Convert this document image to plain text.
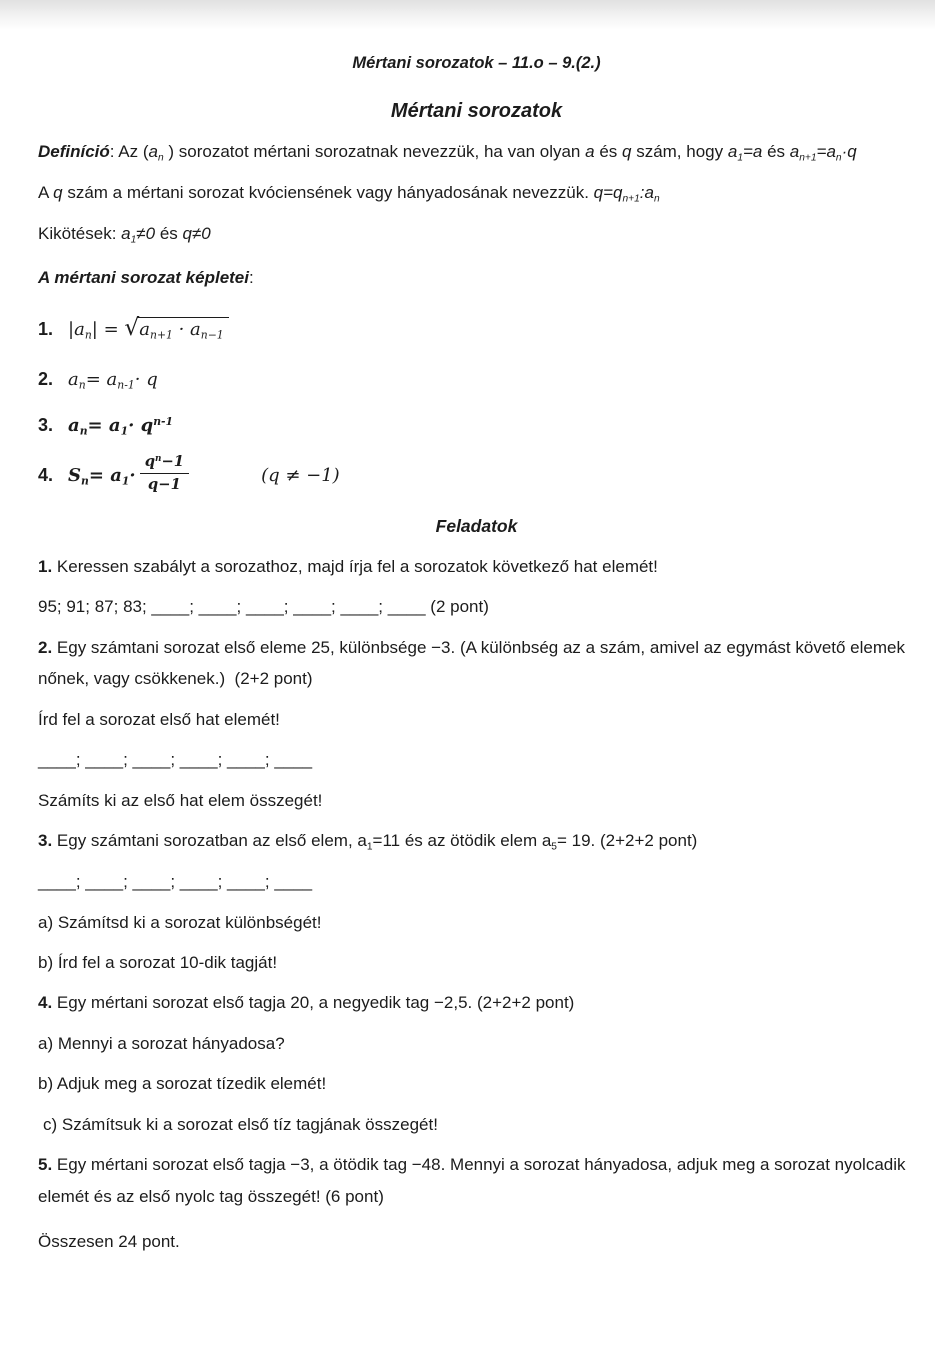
Mértani sorozatok – 11.o – 9.(2.)
Mértani sorozatok

Definíció: Az ($a_n$ ) sorozatot mértani sorozatnak nevezzük, ha van olyan a és q szám, hogy $a_1=a$ és $a_{n+1}=a_n\cdot q$

A q szám a mértani sorozat kvóciensének vagy hányadosának nevezzük. $q=q_{n+1}:a_n$

Kikötések: $a_1\ne 0$ és q≠0

A mértani sorozat képletei:

1. $|a_n| = √a_{n+1} \cdot a_{n-1}$
2. $a_n= a_{n-1}\cdot q$
3. $a_n= a_1\cdot q^{n-1}$
4. $S_n= a_1\cdot \frac{q^n-1}{q-1}$	(q ≠ −1)
Feladatok

1. Keressen szabályt a sorozathoz, majd írja fel a sorozatok következő hat elemét!

95; 91; 87; 83; ____; ____; ____; ____; ____; ____ (2 pont)

2. Egy számtani sorozat első eleme 25, különbsége −3. (A különbség az a szám, amivel az egymást követő elemek nőnek, vagy csökkenek.)  (2+2 pont)

Írd fel a sorozat első hat elemét!

____; ____; ____; ____; ____; ____

Számíts ki az első hat elem összegét!

3. Egy számtani sorozatban az első elem, $a_1=11$ és az ötödik elem $a_5= 19$. (2+2+2 pont)

____; ____; ____; ____; ____; ____

a) Számítsd ki a sorozat különbségét!

b) Írd fel a sorozat 10-dik tagját!

4. Egy mértani sorozat első tagja 20, a negyedik tag −2,5. (2+2+2 pont)

a) Mennyi a sorozat hányadosa?

b) Adjuk meg a sorozat tízedik elemét!

c) Számítsuk ki a sorozat első tíz tagjának összegét!

5. Egy mértani sorozat első tagja −3, a ötödik tag −48. Mennyi a sorozat hányadosa, adjuk meg a sorozat nyolcadik elemét és az első nyolc tag összegét! (6 pont)

Összesen 24 pont.
